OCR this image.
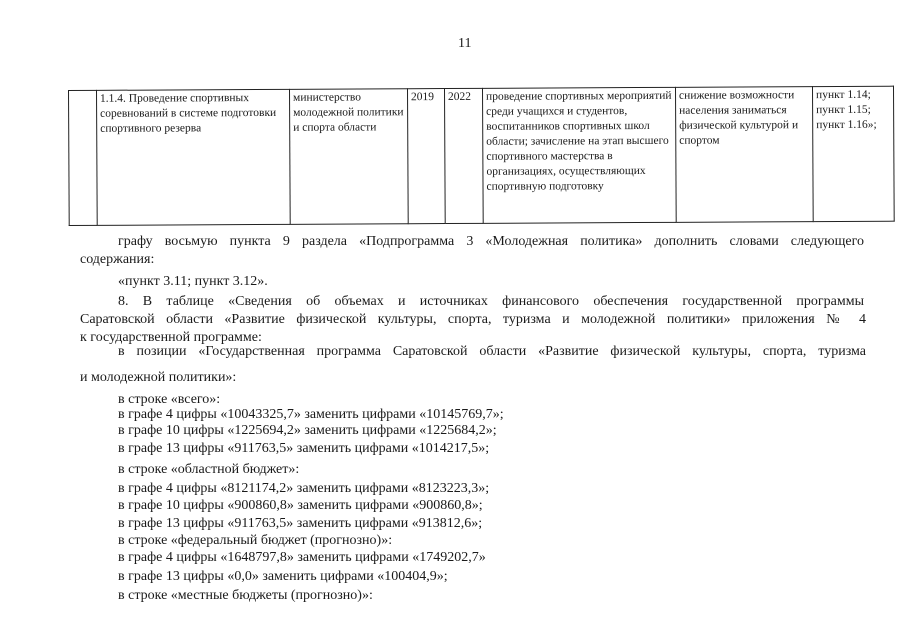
11
	1.1.4. Проведение спортивных соревнований в системе подготовки спортивного резерва	министерство молодежной политики и спорта области	2019	2022	проведение спортивных мероприятий среди учащихся и студентов, воспитанников спортивных школ области; зачисление на этап высшего спортивного мастерства в организациях, осуществляющих спортивную подготовку	снижение возможности населения заниматься физической культурой и спортом	пункт 1.14; пункт 1.15; пункт 1.16»;
графу восьмую пункта 9 раздела «Подпрограмма 3 «Молодежная политика» дополнить словами следующего
содержания:
«пункт 3.11; пункт 3.12».
8. В таблице «Сведения об объемах и источниках финансового обеспечения государственной программы
Саратовской области «Развитие физической культуры, спорта, туризма и молодежной политики» приложения № 4
к государственной программе:
в позиции «Государственная программа Саратовской области «Развитие физической культуры, спорта, туризма
и молодежной политики»:
в строке «всего»:
в графе 4 цифры «10043325,7» заменить цифрами «10145769,7»;
в графе 10 цифры «1225694,2» заменить цифрами «1225684,2»;
в графе 13 цифры «911763,5» заменить цифрами «1014217,5»;
в строке «областной бюджет»:
в графе 4 цифры «8121174,2» заменить цифрами «8123223,3»;
в графе 10 цифры «900860,8» заменить цифрами «900860,8»;
в графе 13 цифры «911763,5» заменить цифрами «913812,6»;
в строке «федеральный бюджет (прогнозно)»:
в графе 4 цифры «1648797,8» заменить цифрами «1749202,7»
в графе 13 цифры «0,0» заменить цифрами «100404,9»;
в строке «местные бюджеты (прогнозно)»:
